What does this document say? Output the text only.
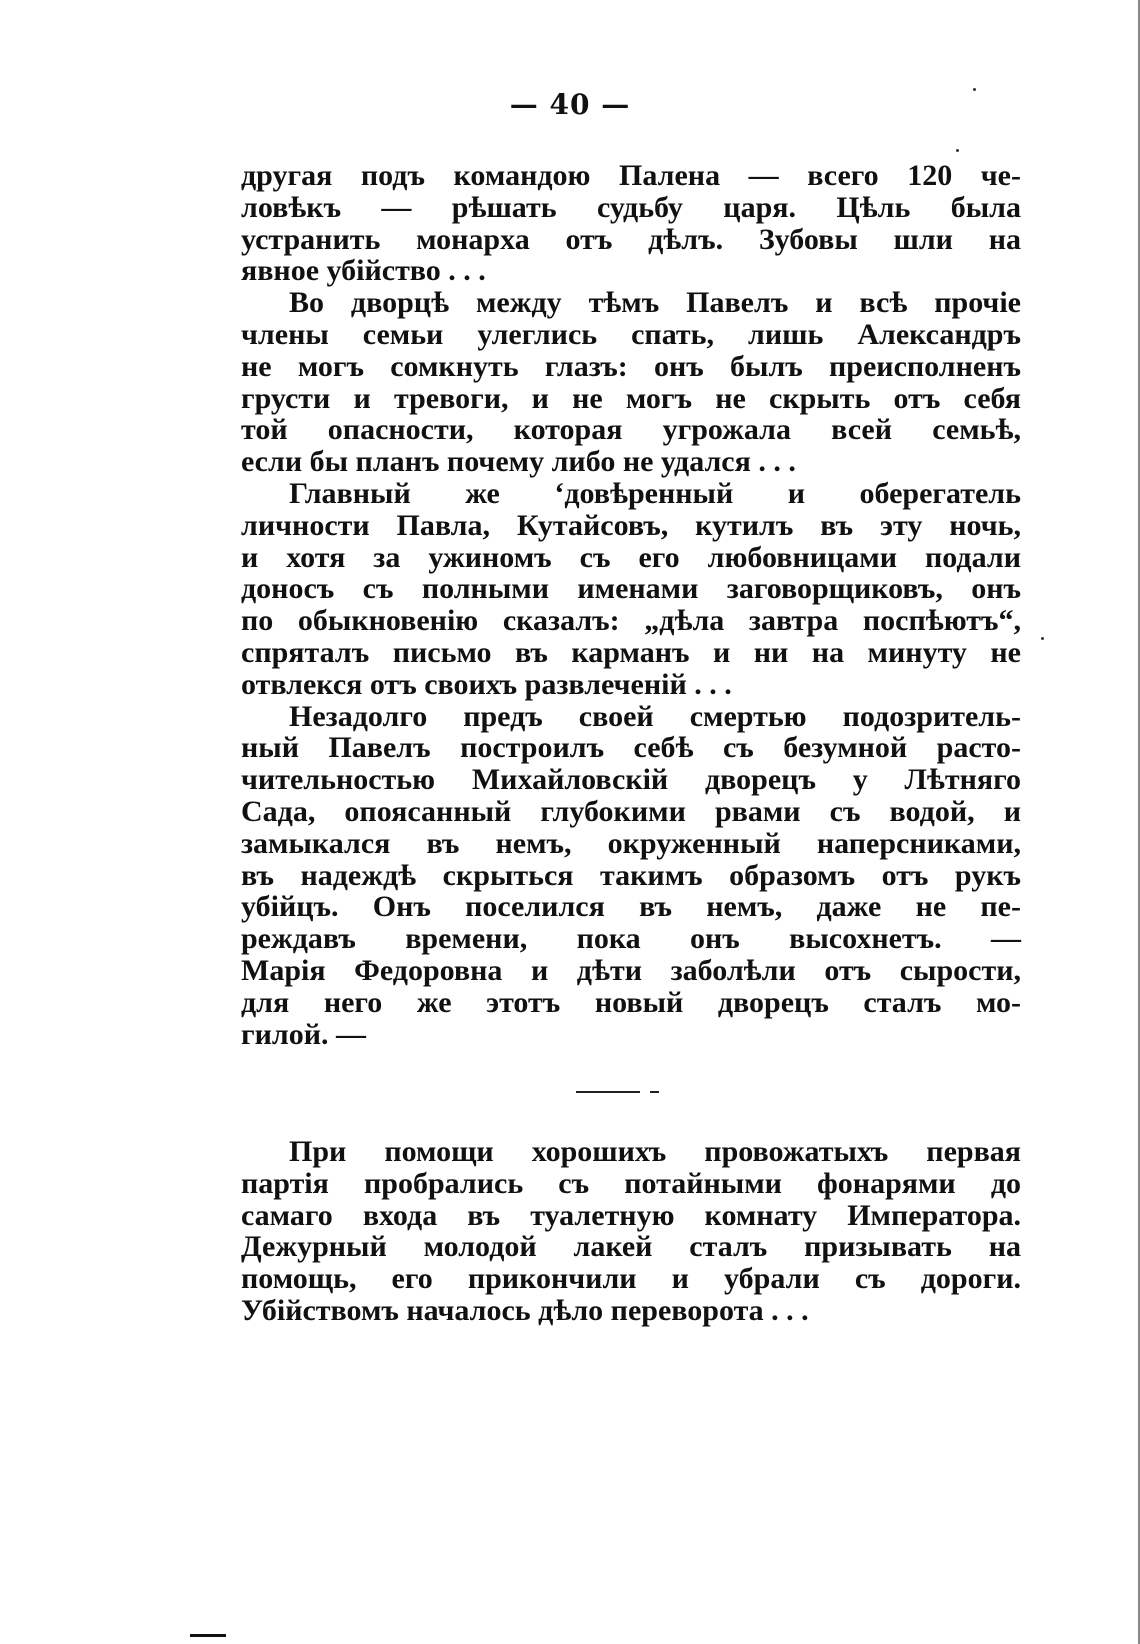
— 40 —
другая подъ командою Палена — всего 120 че-
ловѣкъ — рѣшать судьбу царя. Цѣль была
устранить монарха отъ дѣлъ. Зубовы шли на
явное убійство . . .
Во дворцѣ между тѣмъ Павелъ и всѣ прочіе
члены семьи улеглись спать, лишь Александръ
не могъ сомкнуть глазъ: онъ былъ преисполненъ
грусти и тревоги, и не могъ не скрыть отъ себя
той опасности, которая угрожала всей семьѣ,
если бы планъ почему либо не удался . . .
Главный же ‘довѣренный и оберегатель
личности Павла, Кутайсовъ, кутилъ въ эту ночь,
и хотя за ужиномъ съ его любовницами подали
доносъ съ полными именами заговорщиковъ, онъ
по обыкновенію сказалъ: „дѣла завтра поспѣютъ“,
спряталъ письмо въ карманъ и ни на минуту не
отвлекся отъ своихъ развлеченій . . .
Незадолго предъ своей смертью подозритель-
ный Павелъ построилъ себѣ съ безумной расто-
чительностью Михайловскій дворецъ у Лѣтняго
Сада, опоясанный глубокими рвами съ водой, и
замыкался въ немъ, окруженный наперсниками,
въ надеждѣ скрыться такимъ образомъ отъ рукъ
убійцъ. Онъ поселился въ немъ, даже не пе-
реждавъ времени, пока онъ высохнетъ. —
Марія Федоровна и дѣти заболѣли отъ сырости,
для него же этотъ новый дворецъ сталъ мо-
гилой. —
При помощи хорошихъ провожатыхъ первая
партія пробрались съ потайными фонарями до
самаго входа въ туалетную комнату Императора.
Дежурный молодой лакей сталъ призывать на
помощь, его прикончили и убрали съ дороги.
Убійствомъ началось дѣло переворота . . .
